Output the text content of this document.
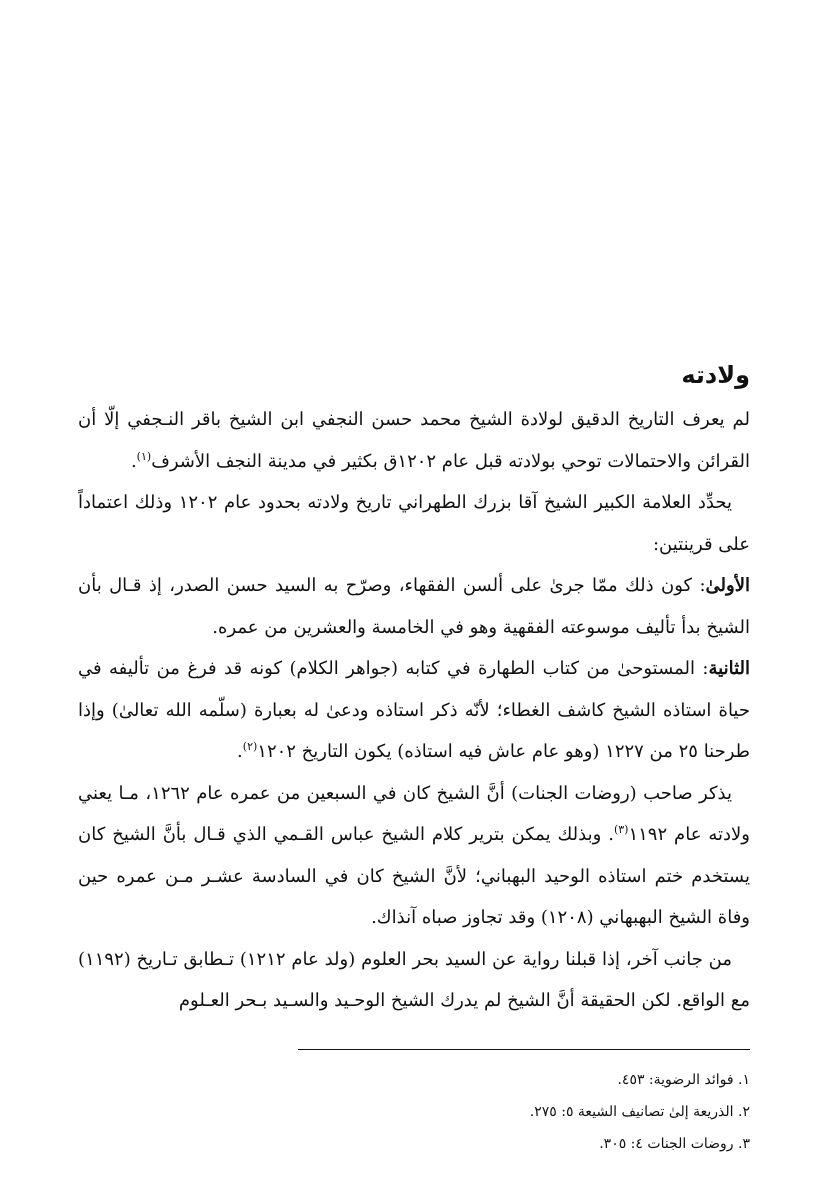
ولادته

لم يعرف التاريخ الدقيق لولادة الشيخ محمد حسن النجفي ابن الشيخ باقر النـجفي إلّا أن القرائن والاحتمالات توحي بولادته قبل عام ١٢٠٢ق بكثير في مدينة النجف الأشرف$^{(١)}$.

يحدِّد العلامة الكبير الشيخ آقا بزرك الطهراني تاريخ ولادته بحدود عام ١٢٠٢ وذلك اعتماداً على قرينتين:

الأولىٰ: كون ذلك ممّا جرىٰ على ألسن الفقهاء، وصرّح به السيد حسن الصدر، إذ قـال بأن الشيخ بدأ تأليف موسوعته الفقهية وهو في الخامسة والعشرين من عمره.

الثانية: المستوحىٰ من كتاب الطهارة في كتابه (جواهر الكلام) كونه قد فرغ من تأليفه في حياة استاذه الشيخ كاشف الغطاء؛ لأنّه ذكر استاذه ودعىٰ له بعبارة (سلّمه الله تعالىٰ) وإذا طرحنا ٢٥ من ١٢٢٧ (وهو عام عاش فيه استاذه) يكون التاريخ ١٢٠٢$^{(٢)}$.

يذكر صاحب (روضات الجنات) أنَّ الشيخ كان في السبعين من عمره عام ١٢٦٢، مـا يعني ولادته عام ١١٩٢$^{(٣)}$. وبذلك يمكن بترير كلام الشيخ عباس القـمي الذي قـال بأنَّ الشيخ كان يستخدم ختم استاذه الوحيد البهباني؛ لأنَّ الشيخ كان في السادسة عشـر مـن عمره حين وفاة الشيخ البهبهاني (١٢٠٨) وقد تجاوز صباه آنذاك.

من جانب آخر، إذا قبلنا رواية عن السيد بحر العلوم (ولد عام ١٢١٢) تـطابق تـاريخ (١١٩٢) مع الواقع. لكن الحقيقة أنَّ الشيخ لم يدرك الشيخ الوحـيد والسـيد بـحر العـلوم

١. فوائد الرضوية: ٤٥٣.
٢. الذريعة إلىٰ تصانيف الشيعة ٥: ٢٧٥.
٣. روضات الجنات ٤: ٣٠٥.
